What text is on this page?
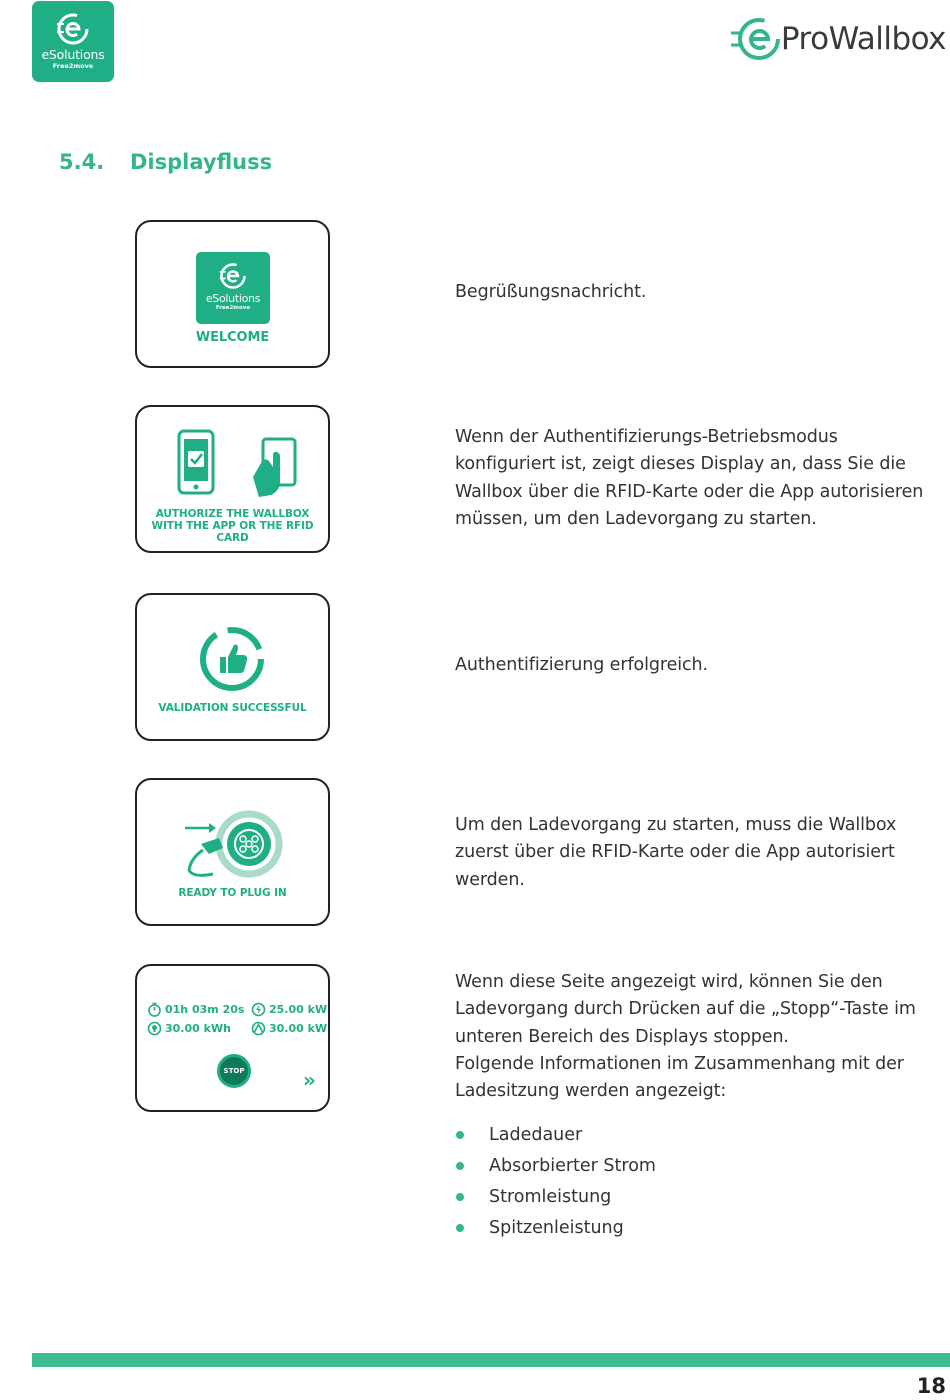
eSolutions
Free2move
ProWallbox
5.4.	Displayfluss
eSolutions
Free2move
WELCOME
Begrüßungsnachricht.
AUTHORIZE THE WALLBOX
WITH THE APP OR THE RFID CARD
Wenn der Authentifizierungs-Betriebsmodus konfiguriert ist, zeigt dieses Display an, dass Sie die Wallbox über die RFID-Karte oder die App autorisieren müssen, um den Ladevorgang zu starten.
VALIDATION SUCCESSFUL
Authentifizierung erfolgreich.
READY TO PLUG IN
Um den Ladevorgang zu starten, muss die Wallbox zuerst über die RFID-Karte oder die App autorisiert werden.
01h 03m 20s 25.00 kW
30.00 kWh	30.00 kW
STOP	»
Wenn diese Seite angezeigt wird, können Sie den Ladevorgang durch Drücken auf die „Stopp“-Taste im unteren Bereich des Displays stoppen.
Folgende Informationen im Zusammenhang mit der Ladesitzung werden angezeigt:
Ladedauer
Absorbierter Strom
Stromleistung
Spitzenleistung
18
